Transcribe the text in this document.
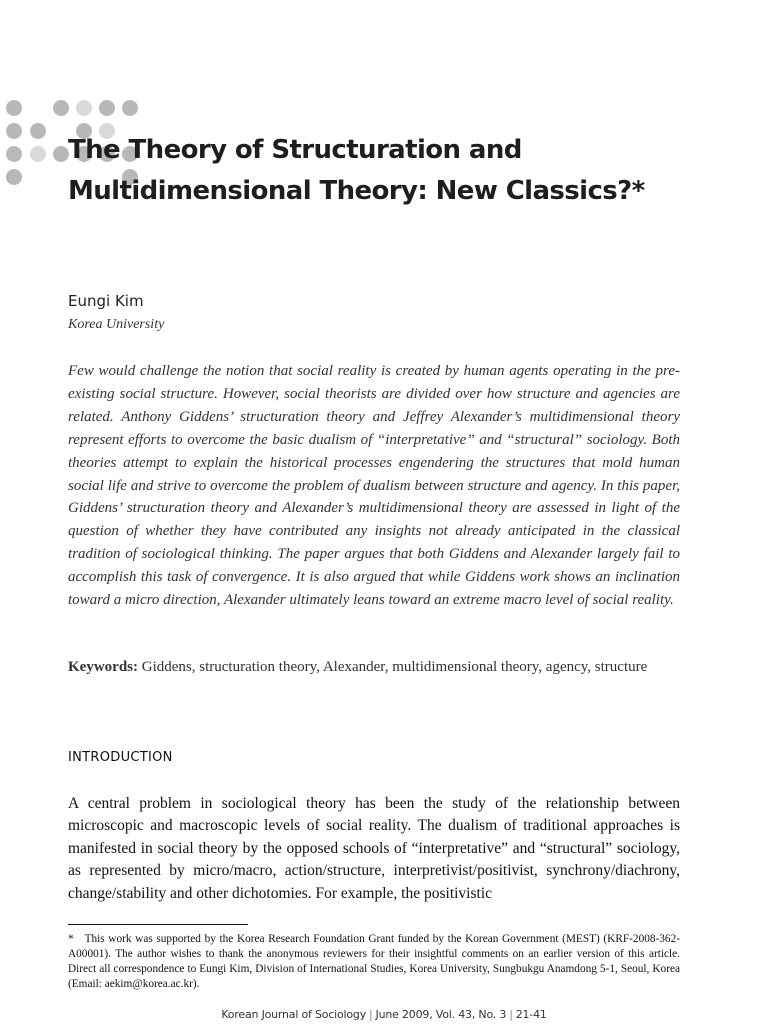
The Theory of Structuration and
Multidimensional Theory: New Classics?*
Eungi Kim
Korea University

Few would challenge the notion that social reality is created by human agents operating in the pre-existing social structure. However, social theorists are divided over how structure and agencies are related. Anthony Giddens’ structuration theory and Jeffrey Alexander’s multidimensional theory represent efforts to overcome the basic dualism of “interpretative” and “structural” sociology. Both theories attempt to explain the historical processes engendering the structures that mold human social life and strive to overcome the problem of dualism between structure and agency. In this paper, Giddens’ structuration theory and Alexander’s multidimensional theory are assessed in light of the question of whether they have contributed any insights not already anticipated in the classical tradition of sociological thinking. The paper argues that both Giddens and Alexander largely fail to accomplish this task of convergence. It is also argued that while Giddens work shows an inclination toward a micro direction, Alexander ultimately leans toward an extreme macro level of social reality.

Keywords: Giddens, structuration theory, Alexander, multidimensional theory, agency, structure

INTRODUCTION

A central problem in sociological theory has been the study of the relationship between microscopic and macroscopic levels of social reality. The dualism of traditional approaches is manifested in social theory by the opposed schools of “interpretative” and “structural” sociology, as represented by micro/macro, action/structure, interpretivist/positivist, synchrony/diachrony, change/stability and other dichotomies. For example, the positivistic

*   This work was supported by the Korea Research Foundation Grant funded by the Korean Government (MEST) (KRF-2008-362-A00001). The author wishes to thank the anonymous reviewers for their insightful comments on an earlier version of this article. Direct all correspondence to Eungi Kim, Division of International Studies, Korea University, Sungbukgu Anamdong 5-1, Seoul, Korea (Email: aekim@korea.ac.kr).

Korean Journal of Sociology | June 2009, Vol. 43, No. 3 | 21-41
